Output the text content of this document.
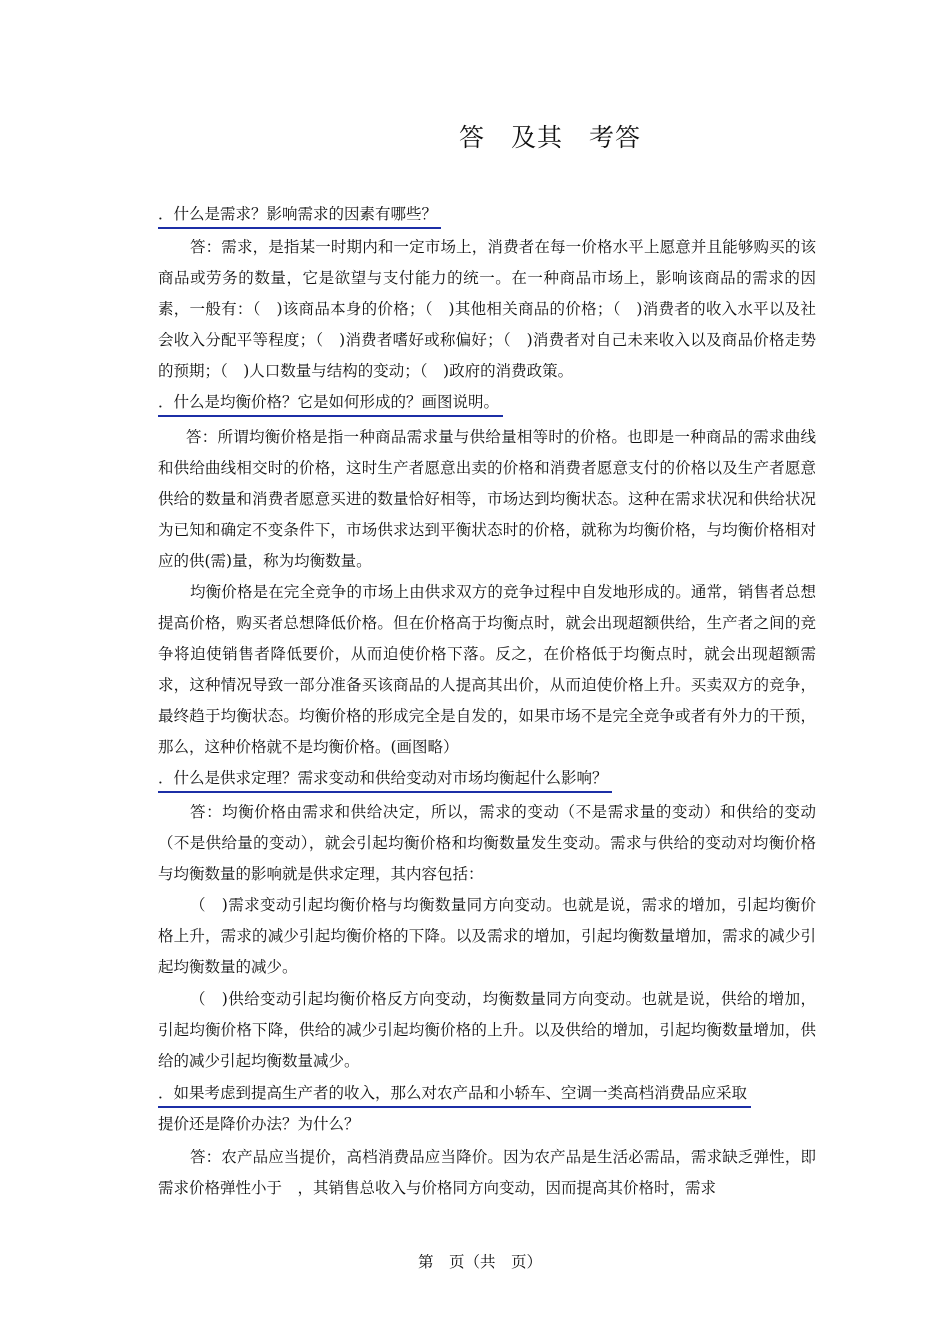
答　及其　考答
．什么是需求？影响需求的因素有哪些？

答：需求，是指某一时期内和一定市场上，消费者在每一价格水平上愿意并且能够购买的该商品或劳务的数量，它是欲望与支付能力的统一。在一种商品市场上，影响该商品的需求的因素，一般有：（　)该商品本身的价格；（　)其他相关商品的价格；（　)消费者的收入水平以及社会收入分配平等程度；（　)消费者嗜好或称偏好；（　)消费者对自己未来收入以及商品价格走势的预期；（　)人口数量与结构的变动；（　)政府的消费政策。

．什么是均衡价格？它是如何形成的？画图说明。

答：所谓均衡价格是指一种商品需求量与供给量相等时的价格。也即是一种商品的需求曲线和供给曲线相交时的价格，这时生产者愿意出卖的价格和消费者愿意支付的价格以及生产者愿意供给的数量和消费者愿意买进的数量恰好相等，市场达到均衡状态。这种在需求状况和供给状况为已知和确定不变条件下，市场供求达到平衡状态时的价格，就称为均衡价格，与均衡价格相对应的供(需)量，称为均衡数量。

均衡价格是在完全竞争的市场上由供求双方的竞争过程中自发地形成的。通常，销售者总想提高价格，购买者总想降低价格。但在价格高于均衡点时，就会出现超额供给，生产者之间的竞争将迫使销售者降低要价，从而迫使价格下落。反之，在价格低于均衡点时，就会出现超额需求，这种情况导致一部分准备买该商品的人提高其出价，从而迫使价格上升。买卖双方的竞争，最终趋于均衡状态。均衡价格的形成完全是自发的，如果市场不是完全竞争或者有外力的干预，那么，这种价格就不是均衡价格。(画图略）

．什么是供求定理？需求变动和供给变动对市场均衡起什么影响？

答：均衡价格由需求和供给决定，所以，需求的变动（不是需求量的变动）和供给的变动（不是供给量的变动），就会引起均衡价格和均衡数量发生变动。需求与供给的变动对均衡价格与均衡数量的影响就是供求定理，其内容包括：

（　)需求变动引起均衡价格与均衡数量同方向变动。也就是说，需求的增加，引起均衡价格上升，需求的减少引起均衡价格的下降。以及需求的增加，引起均衡数量增加，需求的减少引起均衡数量的减少。

（　)供给变动引起均衡价格反方向变动，均衡数量同方向变动。也就是说，供给的增加，引起均衡价格下降，供给的减少引起均衡价格的上升。以及供给的增加，引起均衡数量增加，供给的减少引起均衡数量减少。

．如果考虑到提高生产者的收入，那么对农产品和小轿车、空调一类高档消费品应采取
提价还是降价办法？为什么？

答：农产品应当提价，高档消费品应当降价。因为农产品是生活必需品，需求缺乏弹性，即需求价格弹性小于　，其销售总收入与价格同方向变动，因而提高其价格时，需求

第　页（共　页）
